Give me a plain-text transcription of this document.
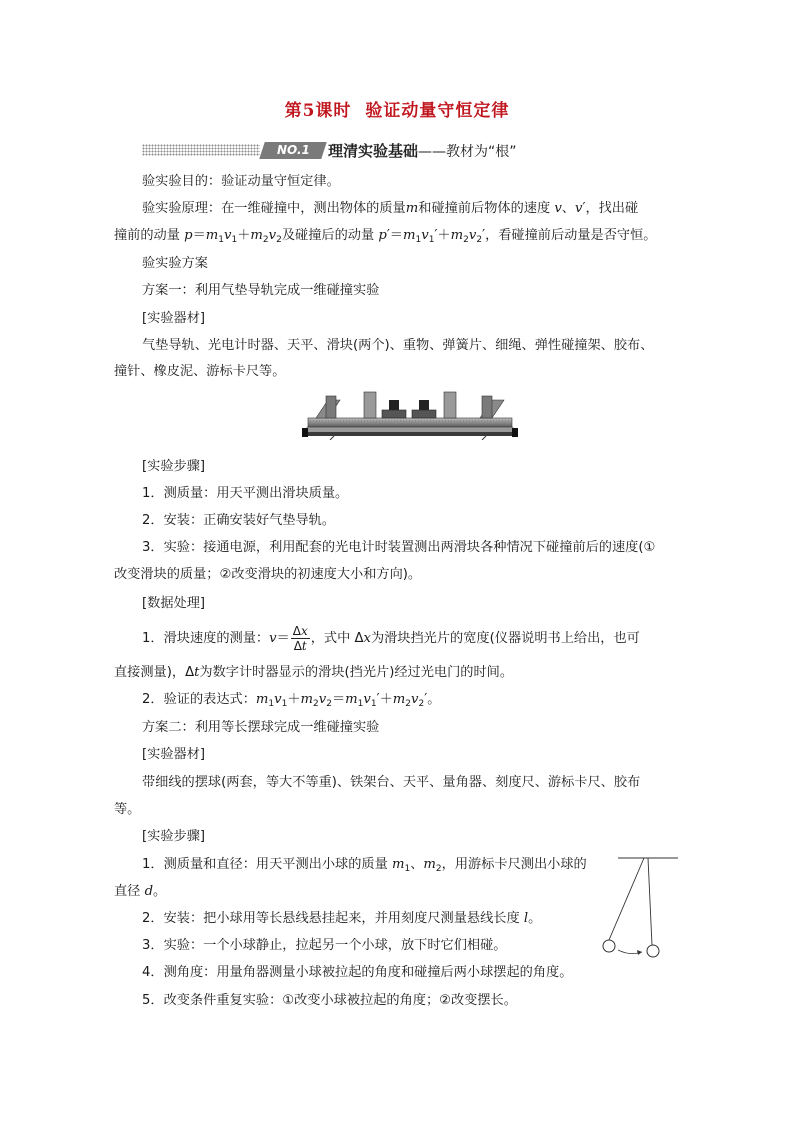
第5课时 验证动量守恒定律
NO.1	理清实验基础——教材为“根”
验实验目的：验证动量守恒定律。
验实验原理：在一维碰撞中，测出物体的质量m和碰撞前后物体的速度 v、v′，找出碰
撞前的动量 $p=m_1v_1+m_2v_2$及碰撞后的动量 $p'=m_1v_1'+m_2v_2'$，看碰撞前后动量是否守恒。
验实验方案
方案一：利用气垫导轨完成一维碰撞实验
[实验器材]
气垫导轨、光电计时器、天平、滑块(两个)、重物、弹簧片、细绳、弹性碰撞架、胶布、
撞针、橡皮泥、游标卡尺等。
[实验步骤]
1．测质量：用天平测出滑块质量。
2．安装：正确安装好气垫导轨。
3．实验：接通电源，利用配套的光电计时装置测出两滑块各种情况下碰撞前后的速度(①
改变滑块的质量；②改变滑块的初速度大小和方向)。
[数据处理]
1．滑块速度的测量：$v= \frac{\Delta x}{\Delta t}$ ，式中 Δx为滑块挡光片的宽度(仪器说明书上给出，也可
直接测量)，Δt为数字计时器显示的滑块(挡光片)经过光电门的时间。
2．验证的表达式：$m_1v_1+m_2v_2=m_1v_1'+m_2v_2'$。
方案二：利用等长摆球完成一维碰撞实验
[实验器材]
带细线的摆球(两套，等大不等重)、铁架台、天平、量角器、刻度尺、游标卡尺、胶布
等。
[实验步骤]
1．测质量和直径：用天平测出小球的质量 $m_1$、$m_2$，用游标卡尺测出小球的
直径 d。
2．安装：把小球用等长悬线悬挂起来，并用刻度尺测量悬线长度 l。
3．实验：一个小球静止，拉起另一个小球，放下时它们相碰。
4．测角度：用量角器测量小球被拉起的角度和碰撞后两小球摆起的角度。
5．改变条件重复实验：①改变小球被拉起的角度；②改变摆长。
